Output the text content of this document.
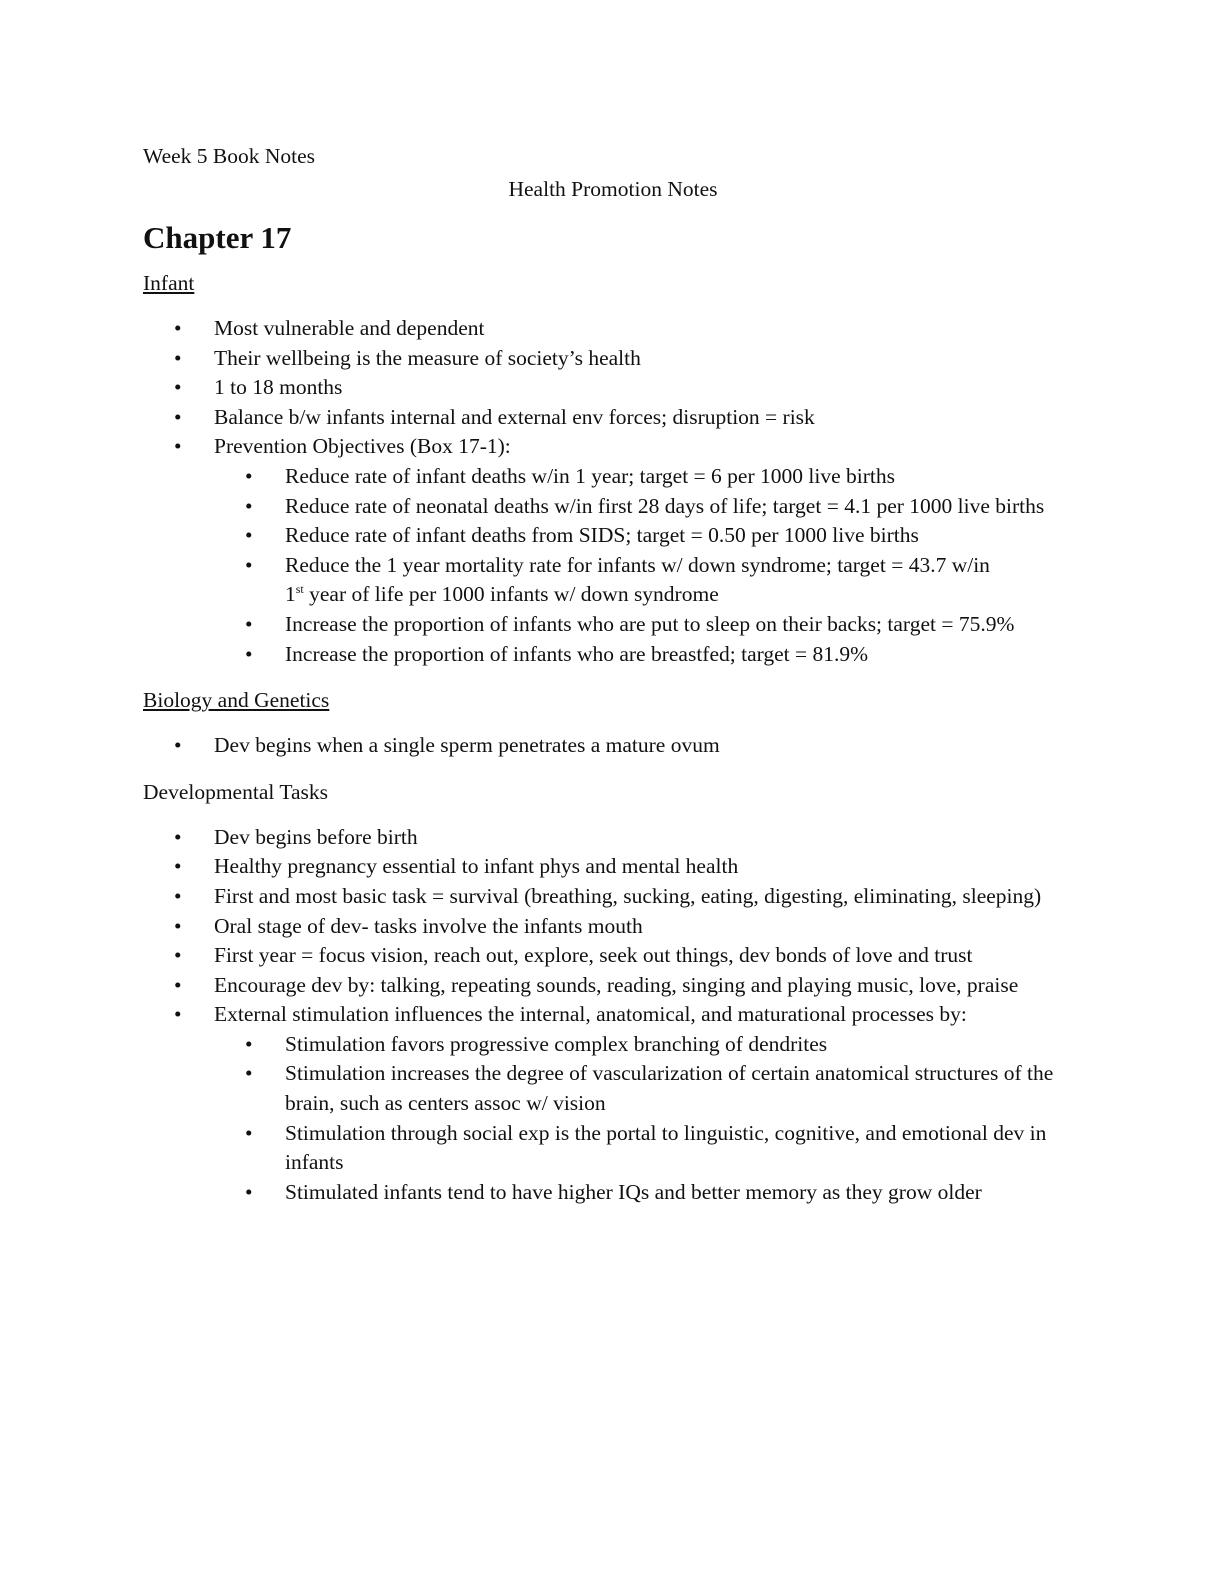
Week 5 Book Notes

Health Promotion Notes

Chapter 17

Infant

• Most vulnerable and dependent
• Their wellbeing is the measure of society’s health
• 1 to 18 months
• Balance b/w infants internal and external env forces; disruption = risk
• Prevention Objectives (Box 17-1):
• Reduce rate of infant deaths w/in 1 year; target = 6 per 1000 live births
• Reduce rate of neonatal deaths w/in first 28 days of life; target = 4.1 per 1000 live births
• Reduce rate of infant deaths from SIDS; target = 0.50 per 1000 live births
• Reduce the 1 year mortality rate for infants w/ down syndrome; target = 43.7 w/in
1st year of life per 1000 infants w/ down syndrome
• Increase the proportion of infants who are put to sleep on their backs; target = 75.9%
• Increase the proportion of infants who are breastfed; target = 81.9%

Biology and Genetics

• Dev begins when a single sperm penetrates a mature ovum

Developmental Tasks

• Dev begins before birth
• Healthy pregnancy essential to infant phys and mental health
• First and most basic task = survival (breathing, sucking, eating, digesting, eliminating, sleeping)
• Oral stage of dev- tasks involve the infants mouth
• First year = focus vision, reach out, explore, seek out things, dev bonds of love and trust
• Encourage dev by: talking, repeating sounds, reading, singing and playing music, love, praise
• External stimulation influences the internal, anatomical, and maturational processes by:
• Stimulation favors progressive complex branching of dendrites
• Stimulation increases the degree of vascularization of certain anatomical structures of the brain, such as centers assoc w/ vision
• Stimulation through social exp is the portal to linguistic, cognitive, and emotional dev in infants
• Stimulated infants tend to have higher IQs and better memory as they grow older
